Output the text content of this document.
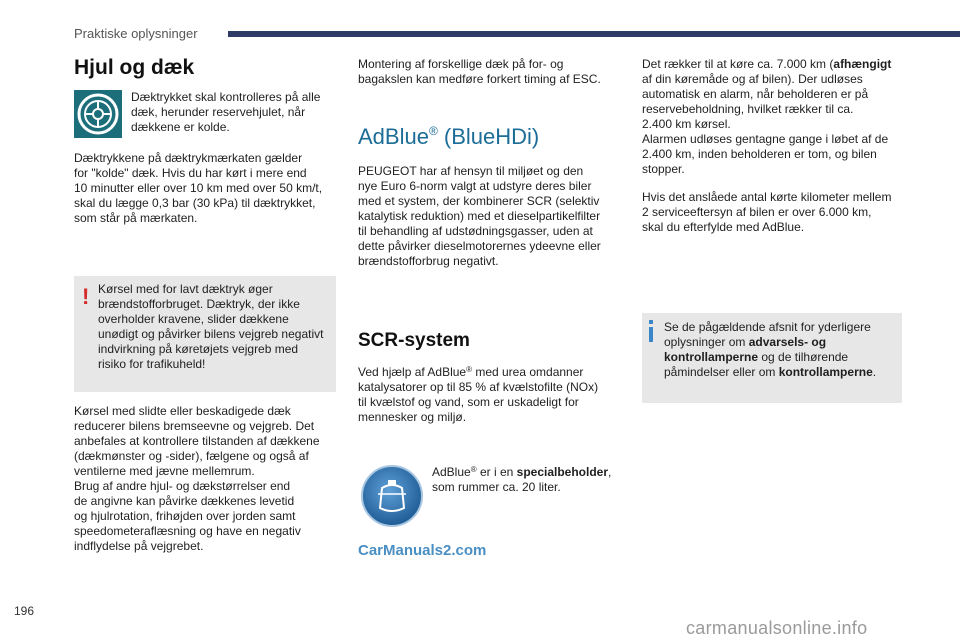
Praktiske oplysninger
Hjul og dæk
Dæktrykket skal kontrolleres på alle
dæk, herunder reservehjulet, når
dækkene er kolde.
Dæktrykkene på dæktrykmærkaten gælder
for "kolde" dæk. Hvis du har kørt i mere end
10 minutter eller over 10 km med over 50 km/t,
skal du lægge 0,3 bar (30 kPa) til dæktrykket,
som står på mærkaten.
! Kørsel med for lavt dæktryk øger
brændstofforbruget. Dæktryk, der ikke
overholder kravene, slider dækkene
unødigt og påvirker bilens vejgreb negativt
indvirkning på køretøjets vejgreb med
risiko for trafikuheld!
Kørsel med slidte eller beskadigede dæk
reducerer bilens bremseevne og vejgreb. Det
anbefales at kontrollere tilstanden af dækkene
(dækmønster og -sider), fælgene og også af
ventilerne med jævne mellemrum.
Brug af andre hjul- og dækstørrelser end
de angivne kan påvirke dækkenes levetid
og hjulrotation, frihøjden over jorden samt
speedometeraflæsning og have en negativ
indflydelse på vejgrebet.
196
Montering af forskellige dæk på for- og
bagakslen kan medføre forkert timing af ESC.
AdBlue® (BlueHDi)
PEUGEOT har af hensyn til miljøet og den
nye Euro 6-norm valgt at udstyre deres biler
med et system, der kombinerer SCR (selektiv
katalytisk reduktion) med et dieselpartikelfilter
til behandling af udstødningsgasser, uden at
dette påvirker dieselmotorernes ydeevne eller
brændstofforbrug negativt.
SCR-system
Ved hjælp af AdBlue® med urea omdanner
katalysatorer op til 85 % af kvælstofilte (NOx)
til kvælstof og vand, som er uskadeligt for
mennesker og miljø.
AdBlue® er i en specialbeholder,
som rummer ca. 20 liter.
CarManuals2.com
Det rækker til at køre ca. 7.000 km (afhængigt
af din køremåde og af bilen). Der udløses
automatisk en alarm, når beholderen er på
reservebeholdning, hvilket rækker til ca.
2.400 km kørsel.
Alarmen udløses gentagne gange i løbet af de
2.400 km, inden beholderen er tom, og bilen
stopper.
Hvis det anslåede antal kørte kilometer mellem
2 serviceeftersyn af bilen er over 6.000 km,
skal du efterfylde med AdBlue.
Se de pågældende afsnit for yderligere
oplysninger om advarsels- og
kontrollamperne og de tilhørende
påmindelser eller om kontrollamperne.
carmanualsonline.info
